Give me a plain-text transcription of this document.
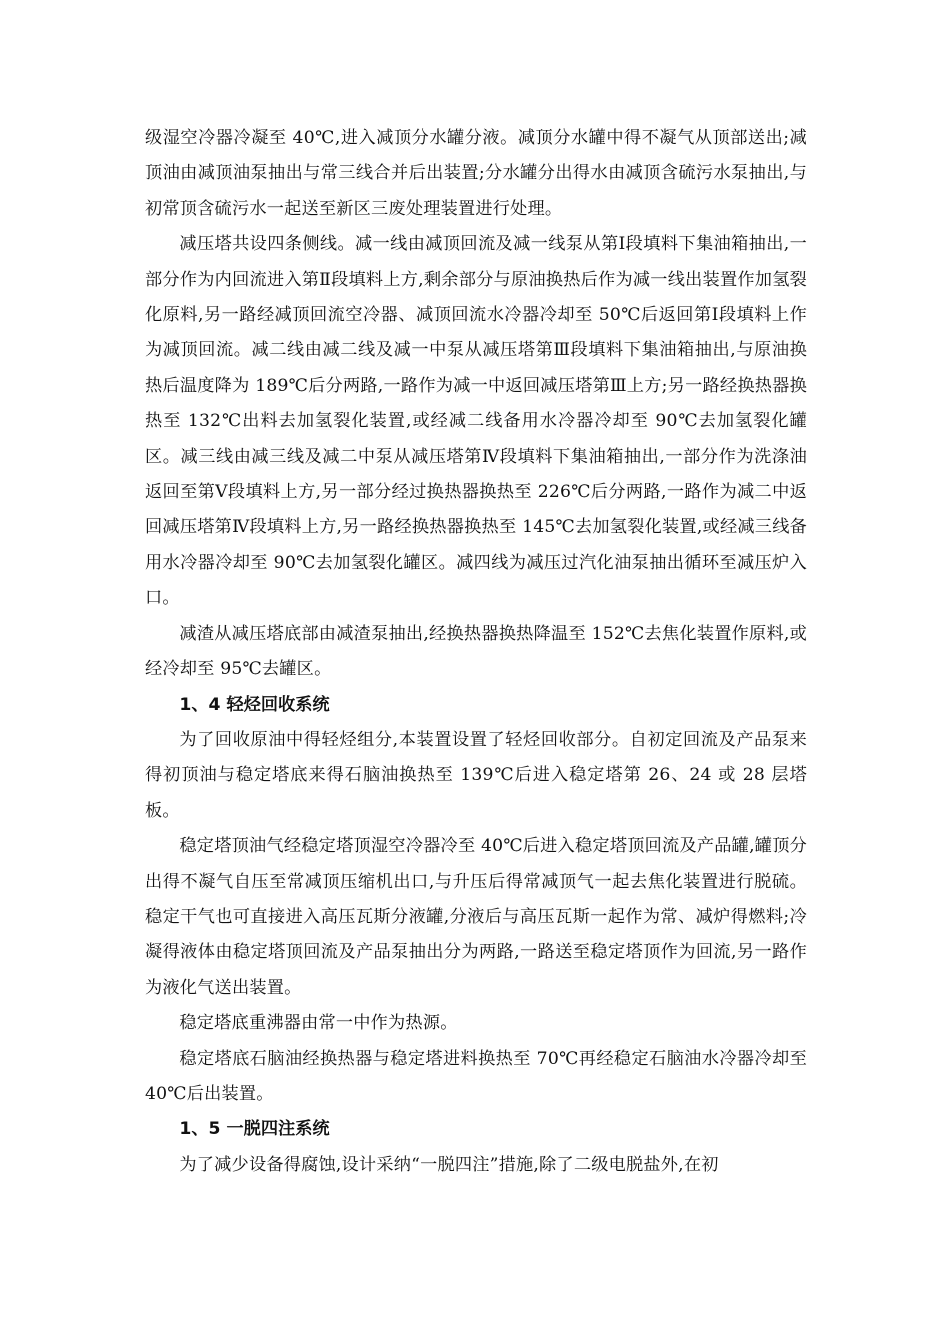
级湿空冷器冷凝至 40℃,进入减顶分水罐分液。减顶分水罐中得不凝气从顶部送出;减顶油由减顶油泵抽出与常三线合并后出装置;分水罐分出得水由减顶含硫污水泵抽出,与初常顶含硫污水一起送至新区三废处理装置进行处理。

减压塔共设四条侧线。减一线由减顶回流及减一线泵从第Ⅰ段填料下集油箱抽出,一部分作为内回流进入第Ⅱ段填料上方,剩余部分与原油换热后作为减一线出装置作加氢裂化原料,另一路经减顶回流空冷器、减顶回流水冷器冷却至 50℃后返回第Ⅰ段填料上作为减顶回流。减二线由减二线及减一中泵从减压塔第Ⅲ段填料下集油箱抽出,与原油换热后温度降为 189℃后分两路,一路作为减一中返回减压塔第Ⅲ上方;另一路经换热器换热至 132℃出料去加氢裂化装置,或经减二线备用水冷器冷却至 90℃去加氢裂化罐区。减三线由减三线及减二中泵从减压塔第Ⅳ段填料下集油箱抽出,一部分作为洗涤油返回至第Ⅴ段填料上方,另一部分经过换热器换热至 226℃后分两路,一路作为减二中返回减压塔第Ⅳ段填料上方,另一路经换热器换热至 145℃去加氢裂化装置,或经减三线备用水冷器冷却至 90℃去加氢裂化罐区。减四线为减压过汽化油泵抽出循环至减压炉入口。

减渣从减压塔底部由减渣泵抽出,经换热器换热降温至 152℃去焦化装置作原料,或经冷却至 95℃去罐区。

1、4 轻烃回收系统

为了回收原油中得轻烃组分,本装置设置了轻烃回收部分。自初定回流及产品泵来得初顶油与稳定塔底来得石脑油换热至 139℃后进入稳定塔第 26、24 或 28 层塔板。

稳定塔顶油气经稳定塔顶湿空冷器冷至 40℃后进入稳定塔顶回流及产品罐,罐顶分出得不凝气自压至常减顶压缩机出口,与升压后得常减顶气一起去焦化装置进行脱硫。稳定干气也可直接进入高压瓦斯分液罐,分液后与高压瓦斯一起作为常、减炉得燃料;冷凝得液体由稳定塔顶回流及产品泵抽出分为两路,一路送至稳定塔顶作为回流,另一路作为液化气送出装置。

稳定塔底重沸器由常一中作为热源。

稳定塔底石脑油经换热器与稳定塔进料换热至 70℃再经稳定石脑油水冷器冷却至 40℃后出装置。

1、5 一脱四注系统

为了减少设备得腐蚀,设计采纳“一脱四注”措施,除了二级电脱盐外,在初
